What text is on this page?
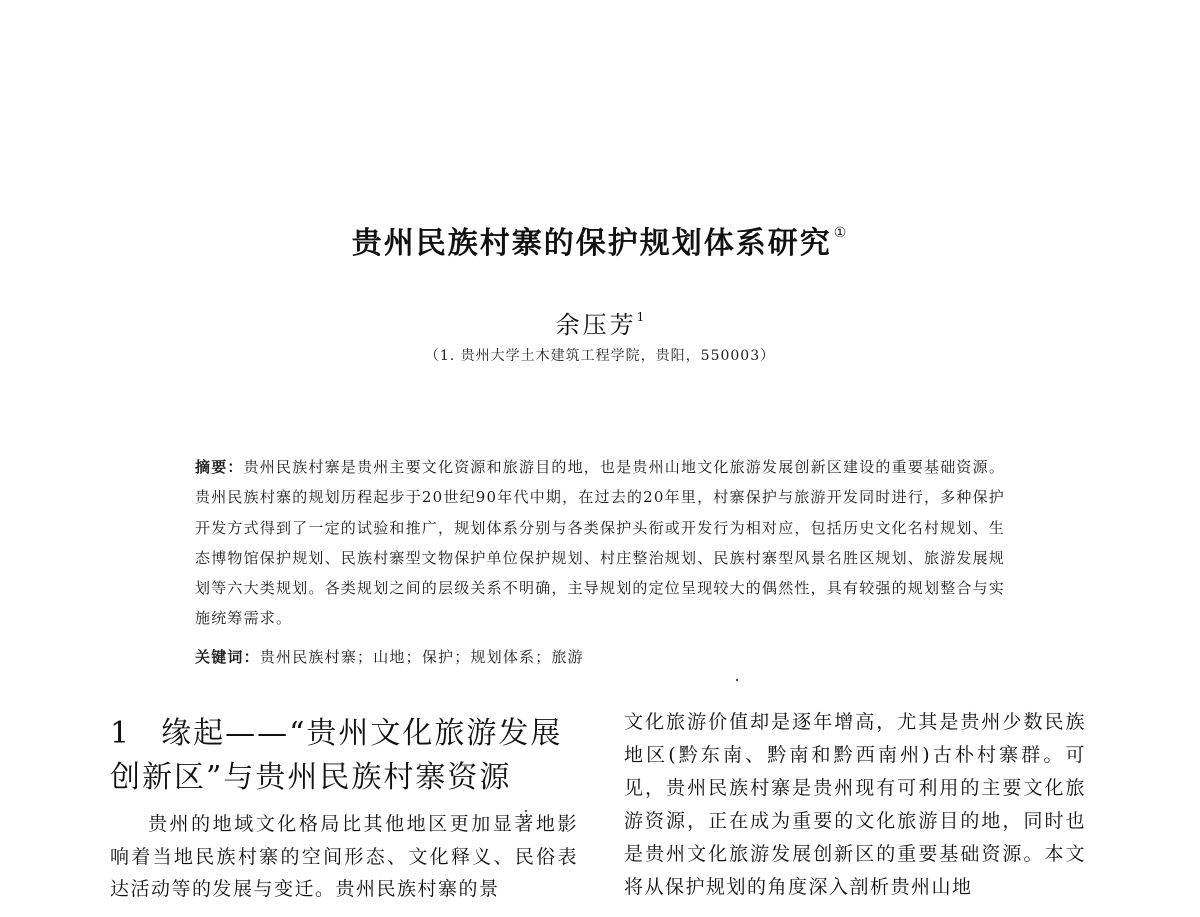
贵州民族村寨的保护规划体系研究 ①
余压芳$^1$
（1. 贵州大学土木建筑工程学院，贵阳，550003）
摘要：贵州民族村寨是贵州主要文化资源和旅游目的地，也是贵州山地文化旅游发展创新区建设的重要基础资源。贵州民族村寨的规划历程起步于20世纪90年代中期，在过去的20年里，村寨保护与旅游开发同时进行，多种保护开发方式得到了一定的试验和推广，规划体系分别与各类保护头衔或开发行为相对应，包括历史文化名村规划、生态博物馆保护规划、民族村寨型文物保护单位保护规划、村庄整治规划、民族村寨型风景名胜区规划、旅游发展规划等六大类规划。各类规划之间的层级关系不明确，主导规划的定位呈现较大的偶然性，具有较强的规划整合与实施统筹需求。
关键词：贵州民族村寨；山地；保护；规划体系；旅游
1 缘起——“贵州文化旅游发展创新区”与贵州民族村寨资源

贵州的地域文化格局比其他地区更加显著地影响着当地民族村寨的空间形态、文化释义、民俗表达活动等的发展与变迁。贵州民族村寨的景

文化旅游价值却是逐年增高，尤其是贵州少数民族地区(黔东南、黔南和黔西南州)古朴村寨群。可见，贵州民族村寨是贵州现有可利用的主要文化旅游资源，正在成为重要的文化旅游目的地，同时也是贵州文化旅游发展创新区的重要基础资源。本文将从保护规划的角度深入剖析贵州山地
